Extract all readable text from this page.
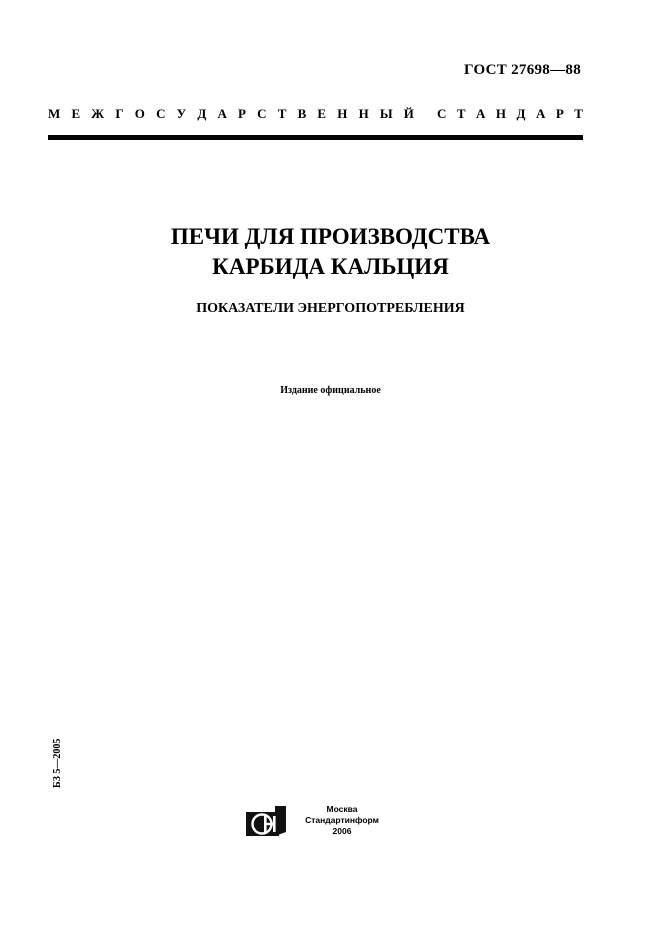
ГОСТ 27698—88
М Е Ж Г О С У Д А Р С Т В Е Н Н Ы Й С Т А Н Д А Р Т
ПЕЧИ ДЛЯ ПРОИЗВОДСТВА
КАРБИДА КАЛЬЦИЯ
ПОКАЗАТЕЛИ ЭНЕРГОПОТРЕБЛЕНИЯ
Издание официальное
БЗ 5—2005
Москва
Стандартинформ
2006
